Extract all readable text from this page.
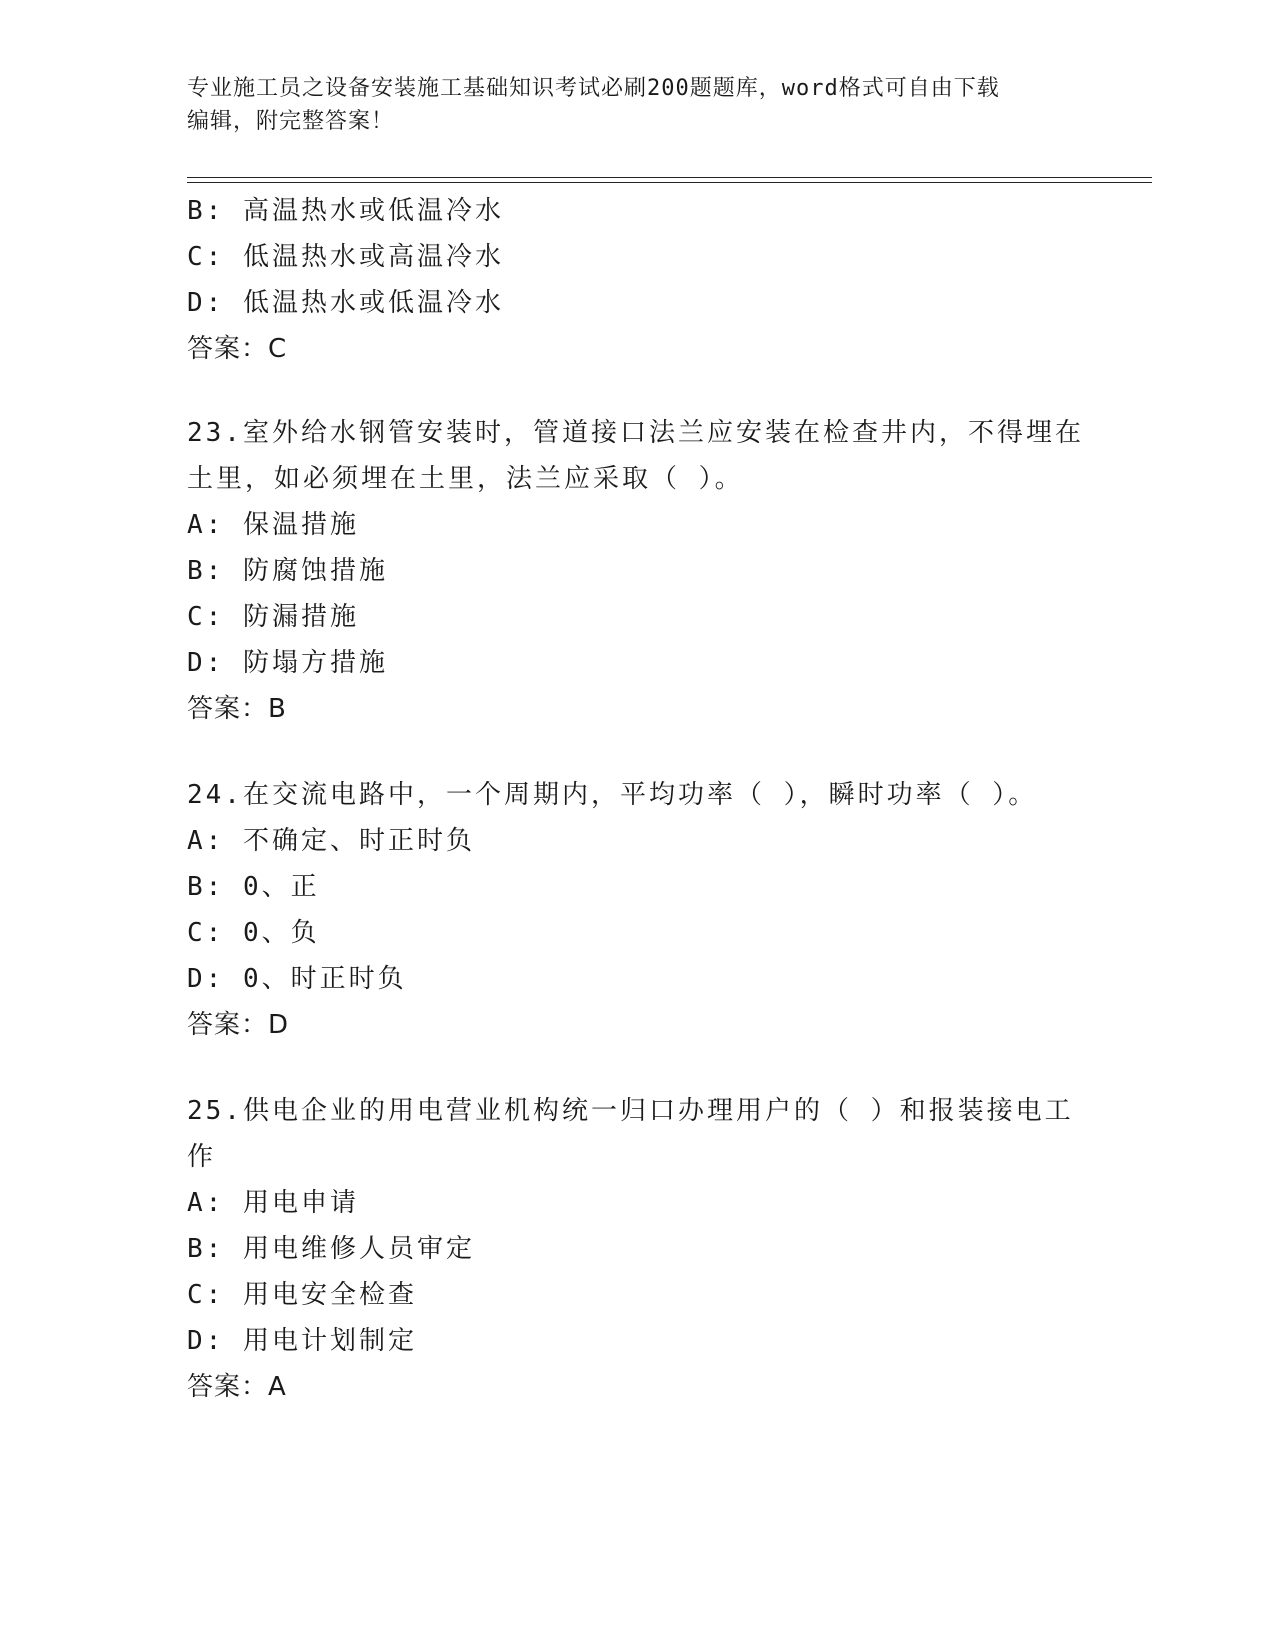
专业施工员之设备安装施工基础知识考试必刷200题题库，word格式可自由下载
编辑，附完整答案！
B: 高温热水或低温冷水
C: 低温热水或高温冷水
D: 低温热水或低温冷水
答案：C
23.室外给水钢管安装时，管道接口法兰应安装在检查井内，不得埋在
土里，如必须埋在土里，法兰应采取（ ）。
A: 保温措施
B: 防腐蚀措施
C: 防漏措施
D: 防塌方措施
答案：B
24.在交流电路中，一个周期内，平均功率（ ），瞬时功率（ ）。
A: 不确定、时正时负
B: 0、正
C: 0、负
D: 0、时正时负
答案：D
25.供电企业的用电营业机构统一归口办理用户的（ ）和报装接电工
作
A: 用电申请
B: 用电维修人员审定
C: 用电安全检查
D: 用电计划制定
答案：A
